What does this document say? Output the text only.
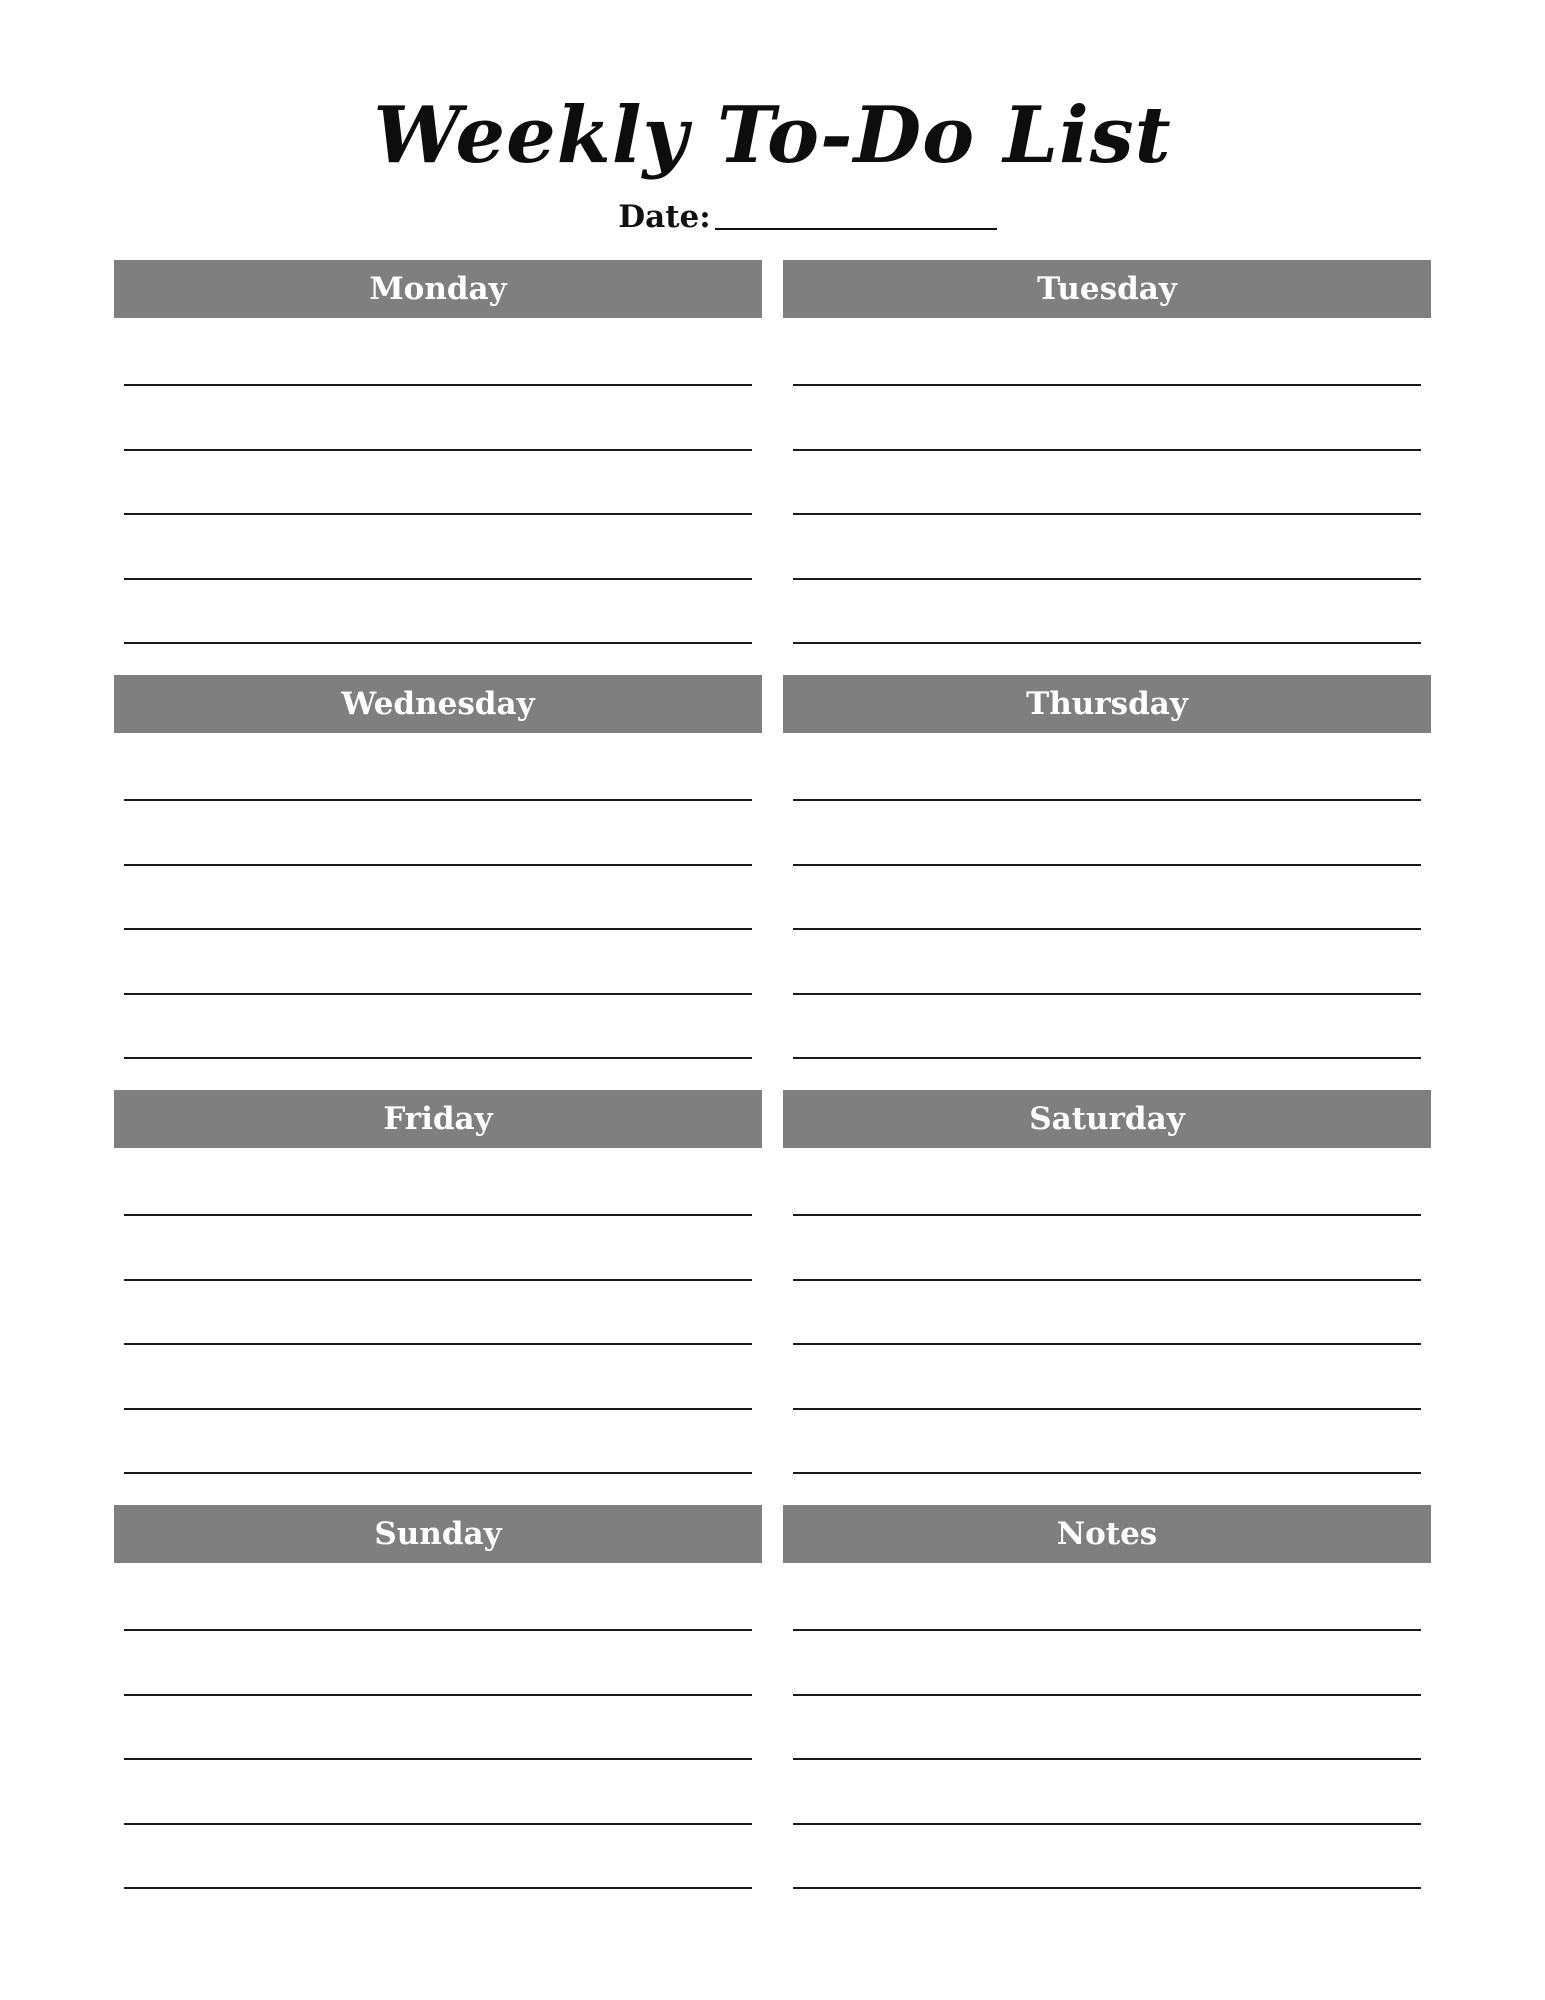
Weekly To-Do List
Date:
Monday	Tuesday
Wednesday	Thursday
Friday	Saturday
Sunday	Notes
